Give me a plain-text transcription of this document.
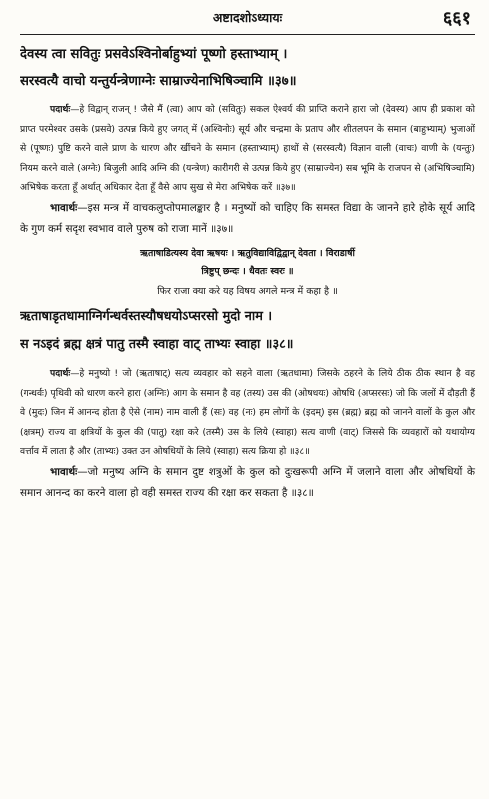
अष्टादशोऽध्यायः	६६१
देवस्य त्वा सवितुः प्रसवेऽश्विनोर्बाहुभ्यां पूष्णो हस्ताभ्याम् ।
सरस्वत्यै वाचो यन्तुर्यन्त्रेणाग्नेः साम्राज्येनाभिषिञ्चामि ॥३७॥
पदार्थः—हे विद्वान् राजन् ! जैसे मैं (त्वा) आप को (सवितुः) सकल ऐश्वर्य की प्राप्ति कराने हारा जो (देवस्य) आप ही प्रकाश को प्राप्त परमेश्वर उसके (प्रसवे) उत्पन्न किये हुए जगत् में (अश्विनोः) सूर्य और चन्द्रमा के प्रताप और शीतलपन के समान (बाहुभ्याम्) भुजाओं से (पूष्णः) पुष्टि करने वाले प्राण के धारण और खींचने के समान (हस्ताभ्याम्) हाथों से (सरस्वत्यै) विज्ञान वाली (वाचः) वाणी के (यन्तुः) नियम करने वाले (अग्नेः) बिजुली आदि अग्नि की (यन्त्रेण) कारीगरी से उत्पन्न किये हुए (साम्राज्येन) सब भूमि के राजपन से (अभिषिञ्चामि) अभिषेक करता हूँ अर्थात् अधिकार देता हूँ वैसे आप सुख से मेरा अभिषेक करें ॥३७॥
भावार्थः—इस मन्त्र में वाचकलुप्तोपमालङ्कार है । मनुष्यों को चाहिए कि समस्त विद्या के जानने हारे होके सूर्य आदि के गुण कर्म सदृश स्वभाव वाले पुरुष को राजा मानें ॥३७॥
ऋताषाडित्यस्य देवा ऋषयः । ऋतुविद्याविद्विद्वान् देवता । विराडार्षी
त्रिष्टुप् छन्दः । धैवतः स्वरः ॥
फिर राजा क्या करे यह विषय अगले मन्त्र में कहा है ॥
ऋताषाडृतधामाग्निर्गन्धर्वस्तस्यौषधयोऽप्सरसो मुदो नाम ।
स नऽइदं ब्रह्म क्षत्रं पातु तस्मै स्वाहा वाट् ताभ्यः स्वाहा ॥३८॥
पदार्थः—हे मनुष्यो ! जो (ऋताषाट्) सत्य व्यवहार को सहने वाला (ऋतधामा) जिसके ठहरने के लिये ठीक ठीक स्थान है वह (गन्धर्वः) पृथिवी को धारण करने हारा (अग्निः) आग के समान है वह (तस्य) उस की (ओषधयः) ओषधि (अप्सरसः) जो कि जलों में दौड़ती हैं वे (मुदः) जिन में आनन्द होता है ऐसे (नाम) नाम वाली हैं (सः) वह (नः) हम लोगों के (इदम्) इस (ब्रह्म) ब्रह्म को जानने वालों के कुल और (क्षत्रम्) राज्य वा क्षत्रियों के कुल की (पातु) रक्षा करे (तस्मै) उस के लिये (स्वाहा) सत्य वाणी (वाट्) जिससे कि व्यवहारों को यथायोग्य वर्त्ताव में लाता है और (ताभ्यः) उक्त उन ओषधियों के लिये (स्वाहा) सत्य क्रिया हो ॥३८॥
भावार्थः—जो मनुष्य अग्नि के समान दुष्ट शत्रुओं के कुल को दुःखरूपी अग्नि में जलाने वाला और ओषधियों के समान आनन्द का करने वाला हो वही समस्त राज्य की रक्षा कर सकता है ॥३८॥
